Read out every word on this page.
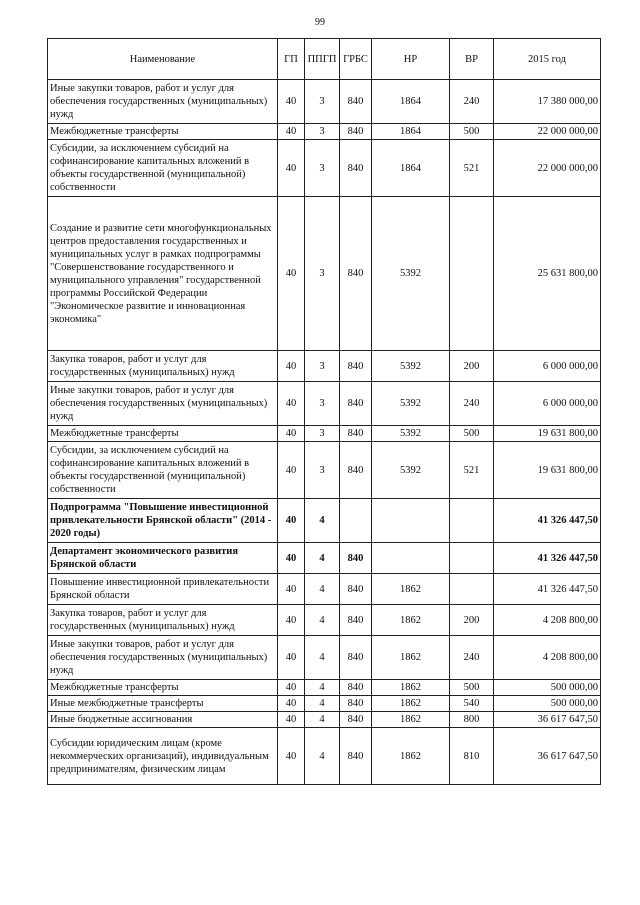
99
Наименование	ГП	ППГП	ГРБС	НР	ВР	2015 год
Иные закупки товаров, работ и услуг для обеспечения государственных (муниципальных) нужд	40	3	840	1864	240	17 380 000,00
Межбюджетные трансферты	40	3	840	1864	500	22 000 000,00
Субсидии, за исключением субсидий на софинансирование капитальных вложений в объекты государственной (муниципальной) собственности	40	3	840	1864	521	22 000 000,00
Создание и развитие сети многофункциональных центров предоставления государственных и муниципальных услуг в рамках подпрограммы "Совершенствование государственного и муниципального управления" государственной программы Российской Федерации "Экономическое развитие и инновационная экономика"	40	3	840	5392		25 631 800,00
Закупка товаров, работ и услуг для государственных (муниципальных) нужд	40	3	840	5392	200	6 000 000,00
Иные закупки товаров, работ и услуг для обеспечения государственных (муниципальных) нужд	40	3	840	5392	240	6 000 000,00
Межбюджетные трансферты	40	3	840	5392	500	19 631 800,00
Субсидии, за исключением субсидий на софинансирование капитальных вложений в объекты государственной (муниципальной) собственности	40	3	840	5392	521	19 631 800,00
Подпрограмма "Повышение инвестиционной привлекательности Брянской области" (2014 - 2020 годы)	40	4				41 326 447,50
Департамент экономического развития Брянской области	40	4	840			41 326 447,50
Повышение инвестиционной привлекательности Брянской области	40	4	840	1862		41 326 447,50
Закупка товаров, работ и услуг для государственных (муниципальных) нужд	40	4	840	1862	200	4 208 800,00
Иные закупки товаров, работ и услуг для обеспечения государственных (муниципальных) нужд	40	4	840	1862	240	4 208 800,00
Межбюджетные трансферты	40	4	840	1862	500	500 000,00
Иные межбюджетные трансферты	40	4	840	1862	540	500 000,00
Иные бюджетные ассигнования	40	4	840	1862	800	36 617 647,50
Субсидии юридическим лицам (кроме некоммерческих организаций), индивидуальным предпринимателям, физическим лицам	40	4	840	1862	810	36 617 647,50
